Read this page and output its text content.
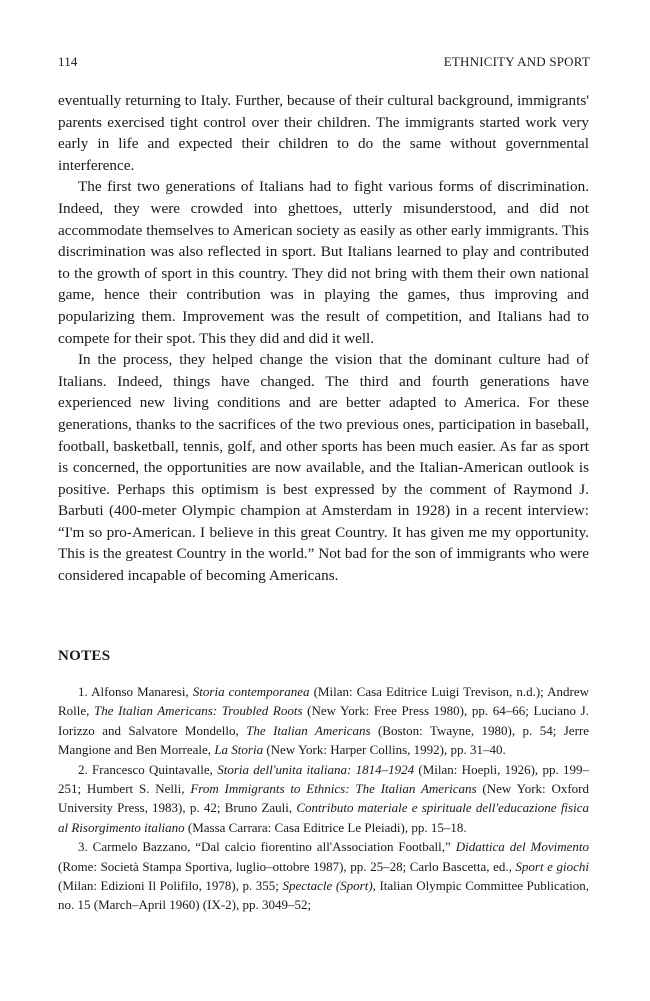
114	ETHNICITY AND SPORT

eventually returning to Italy. Further, because of their cultural background, immigrants' parents exercised tight control over their children. The immigrants started work very early in life and expected their children to do the same without governmental interference.

The first two generations of Italians had to fight various forms of discrimination. Indeed, they were crowded into ghettoes, utterly misunderstood, and did not accommodate themselves to American society as easily as other early immigrants. This discrimination was also reflected in sport. But Italians learned to play and contributed to the growth of sport in this country. They did not bring with them their own national game, hence their contribution was in playing the games, thus improving and popularizing them. Improvement was the result of competition, and Italians had to compete for their spot. This they did and did it well.

In the process, they helped change the vision that the dominant culture had of Italians. Indeed, things have changed. The third and fourth generations have experienced new living conditions and are better adapted to America. For these generations, thanks to the sacrifices of the two previous ones, participation in baseball, football, basketball, tennis, golf, and other sports has been much easier. As far as sport is concerned, the opportunities are now available, and the Italian-American outlook is positive. Perhaps this optimism is best expressed by the comment of Raymond J. Barbuti (400-meter Olympic champion at Amsterdam in 1928) in a recent interview: “I'm so pro-American. I believe in this great Country. It has given me my opportunity. This is the greatest Country in the world.” Not bad for the son of immigrants who were considered incapable of becoming Americans.

NOTES

1. Alfonso Manaresi, Storia contemporanea (Milan: Casa Editrice Luigi Trevison, n.d.); Andrew Rolle, The Italian Americans: Troubled Roots (New York: Free Press 1980), pp. 64–66; Luciano J. Iorizzo and Salvatore Mondello, The Italian Americans (Boston: Twayne, 1980), p. 54; Jerre Mangione and Ben Morreale, La Storia (New York: Harper Collins, 1992), pp. 31–40.

2. Francesco Quintavalle, Storia dell'unita italiana: 1814–1924 (Milan: Hoepli, 1926), pp. 199–251; Humbert S. Nelli, From Immigrants to Ethnics: The Italian Americans (New York: Oxford University Press, 1983), p. 42; Bruno Zauli, Contributo materiale e spirituale dell'educazione fisica al Risorgimento italiano (Massa Carrara: Casa Editrice Le Pleiadi), pp. 15–18.

3. Carmelo Bazzano, “Dal calcio fiorentino all'Association Football,” Didattica del Movimento (Rome: Società Stampa Sportiva, luglio–ottobre 1987), pp. 25–28; Carlo Bascetta, ed., Sport e giochi (Milan: Edizioni Il Polifilo, 1978), p. 355; Spectacle (Sport), Italian Olympic Committee Publication, no. 15 (March–April 1960) (IX-2), pp. 3049–52;
